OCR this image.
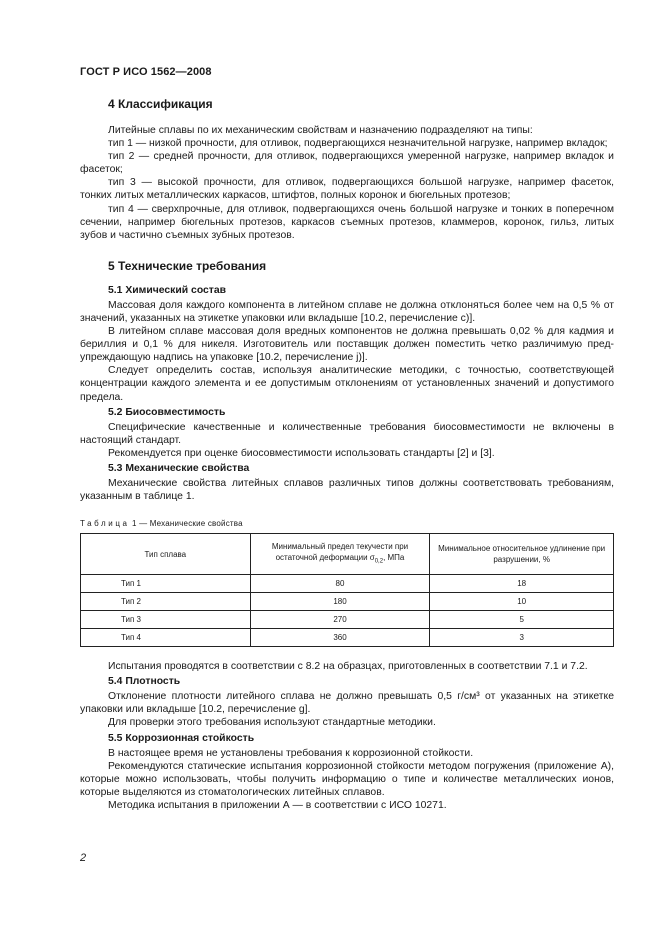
ГОСТ Р ИСО 1562—2008
4 Классификация

Литейные сплавы по их механическим свойствам и назначению подразделяют на типы:

тип 1 — низкой прочности, для отливок, подвергающихся незначительной нагрузке, например вкладок;

тип 2 — средней прочности, для отливок, подвергающихся умеренной нагрузке, например вкладок и фасеток;

тип 3 — высокой прочности, для отливок, подвергающихся большой нагрузке, например фасеток, тонких литых металлических каркасов, штифтов, полных коронок и бюгельных протезов;

тип 4 — сверхпрочные, для отливок, подвергающихся очень большой нагрузке и тонких в поперечном сечении, например бюгельных протезов, каркасов съемных протезов, кламмеров, коронок, гильз, литых зубов и частично съемных зубных протезов.

5 Технические требования
5.1 Химический состав

Массовая доля каждого компонента в литейном сплаве не должна отклоняться более чем на 0,5 % от значений, указанных на этикетке упаковки или вкладыше [10.2, перечисление с)].

В литейном сплаве массовая доля вредных компонентов не должна превышать 0,02 % для кадмия и бериллия и 0,1 % для никеля. Изготовитель или поставщик должен поместить четко различимую предупреждающую надпись на упаковке [10.2, перечисление j)].

Следует определить состав, используя аналитические методики, с точностью, соответствующей концентрации каждого элемента и ее допустимым отклонениям от установленных значений и допустимого предела.

5.2 Биосовместимость

Специфические качественные и количественные требования биосовместимости не включены в настоящий стандарт.

Рекомендуется при оценке биосовместимости использовать стандарты [2] и [3].

5.3 Механические свойства

Механические свойства литейных сплавов различных типов должны соответствовать требованиям, указанным в таблице 1.

Таблица 1 — Механические свойства
Тип сплава	Минимальный предел текучести при остаточной деформации $\sigma_{0,2}$, МПа	Минимальное относительное удлинение при разрушении, %
Тип 1	80	18
Тип 2	180	10
Тип 3	270	5
Тип 4	360	3

Испытания проводятся в соответствии с 8.2 на образцах, приготовленных в соответствии 7.1 и 7.2.

5.4 Плотность

Отклонение плотности литейного сплава не должно превышать 0,5 г/см³ от указанных на этикетке упаковки или вкладыше [10.2, перечисление g].

Для проверки этого требования используют стандартные методики.

5.5 Коррозионная стойкость

В настоящее время не установлены требования к коррозионной стойкости.

Рекомендуются статические испытания коррозионной стойкости методом погружения (приложение А), которые можно использовать, чтобы получить информацию о типе и количестве металлических ионов, которые выделяются из стоматологических литейных сплавов.

Методика испытания в приложении А — в соответствии с ИСО 10271.

2
